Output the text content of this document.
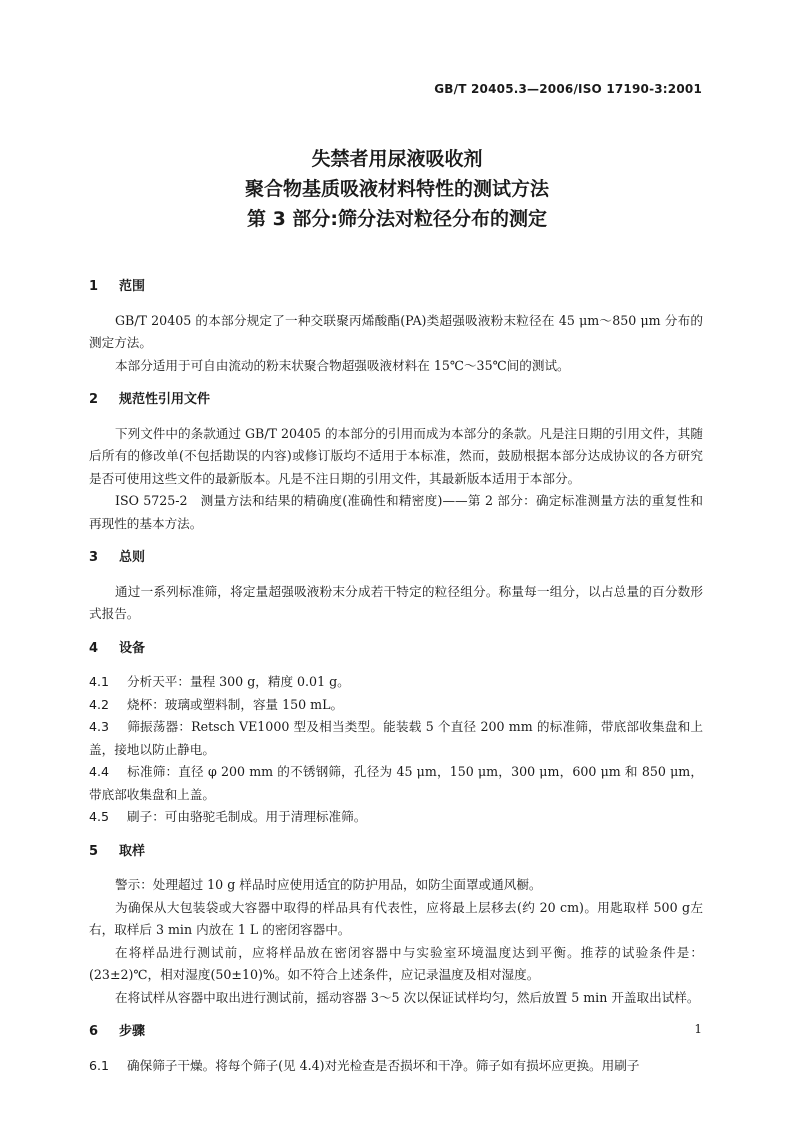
GB/T 20405.3—2006/ISO 17190-3:2001
失禁者用尿液吸收剂
聚合物基质吸液材料特性的测试方法
第 3 部分:筛分法对粒径分布的测定
1 范围

GB/T 20405 的本部分规定了一种交联聚丙烯酸酯(PA)类超强吸液粉末粒径在 45 μm～850 μm 分布的测定方法。

本部分适用于可自由流动的粉末状聚合物超强吸液材料在 15℃～35℃间的测试。

2 规范性引用文件

下列文件中的条款通过 GB/T 20405 的本部分的引用而成为本部分的条款。凡是注日期的引用文件，其随后所有的修改单(不包括勘误的内容)或修订版均不适用于本标准，然而，鼓励根据本部分达成协议的各方研究是否可使用这些文件的最新版本。凡是不注日期的引用文件，其最新版本适用于本部分。

ISO 5725-2　测量方法和结果的精确度(准确性和精密度)——第 2 部分：确定标准测量方法的重复性和再现性的基本方法。

3 总则

通过一系列标准筛，将定量超强吸液粉末分成若干特定的粒径组分。称量每一组分，以占总量的百分数形式报告。

4 设备

4.1 分析天平：量程 300 g，精度 0.01 g。

4.2 烧杯：玻璃或塑料制，容量 150 mL。

4.3 筛振荡器：Retsch VE1000 型及相当类型。能装载 5 个直径 200 mm 的标准筛，带底部收集盘和上盖，接地以防止静电。

4.4 标准筛：直径 φ 200 mm 的不锈钢筛，孔径为 45 μm，150 μm，300 μm，600 μm 和 850 μm，带底部收集盘和上盖。

4.5 刷子：可由骆驼毛制成。用于清理标准筛。

5 取样

警示：处理超过 10 g 样品时应使用适宜的防护用品，如防尘面罩或通风橱。

为确保从大包装袋或大容器中取得的样品具有代表性，应将最上层移去(约 20 cm)。用匙取样 500 g左右，取样后 3 min 内放在 1 L 的密闭容器中。

在将样品进行测试前，应将样品放在密闭容器中与实验室环境温度达到平衡。推荐的试验条件是：(23±2)℃，相对湿度(50±10)%。如不符合上述条件，应记录温度及相对湿度。

在将试样从容器中取出进行测试前，摇动容器 3～5 次以保证试样均匀，然后放置 5 min 开盖取出试样。

6 步骤

6.1 确保筛子干燥。将每个筛子(见 4.4)对光检查是否损坏和干净。筛子如有损坏应更换。用刷子

1
